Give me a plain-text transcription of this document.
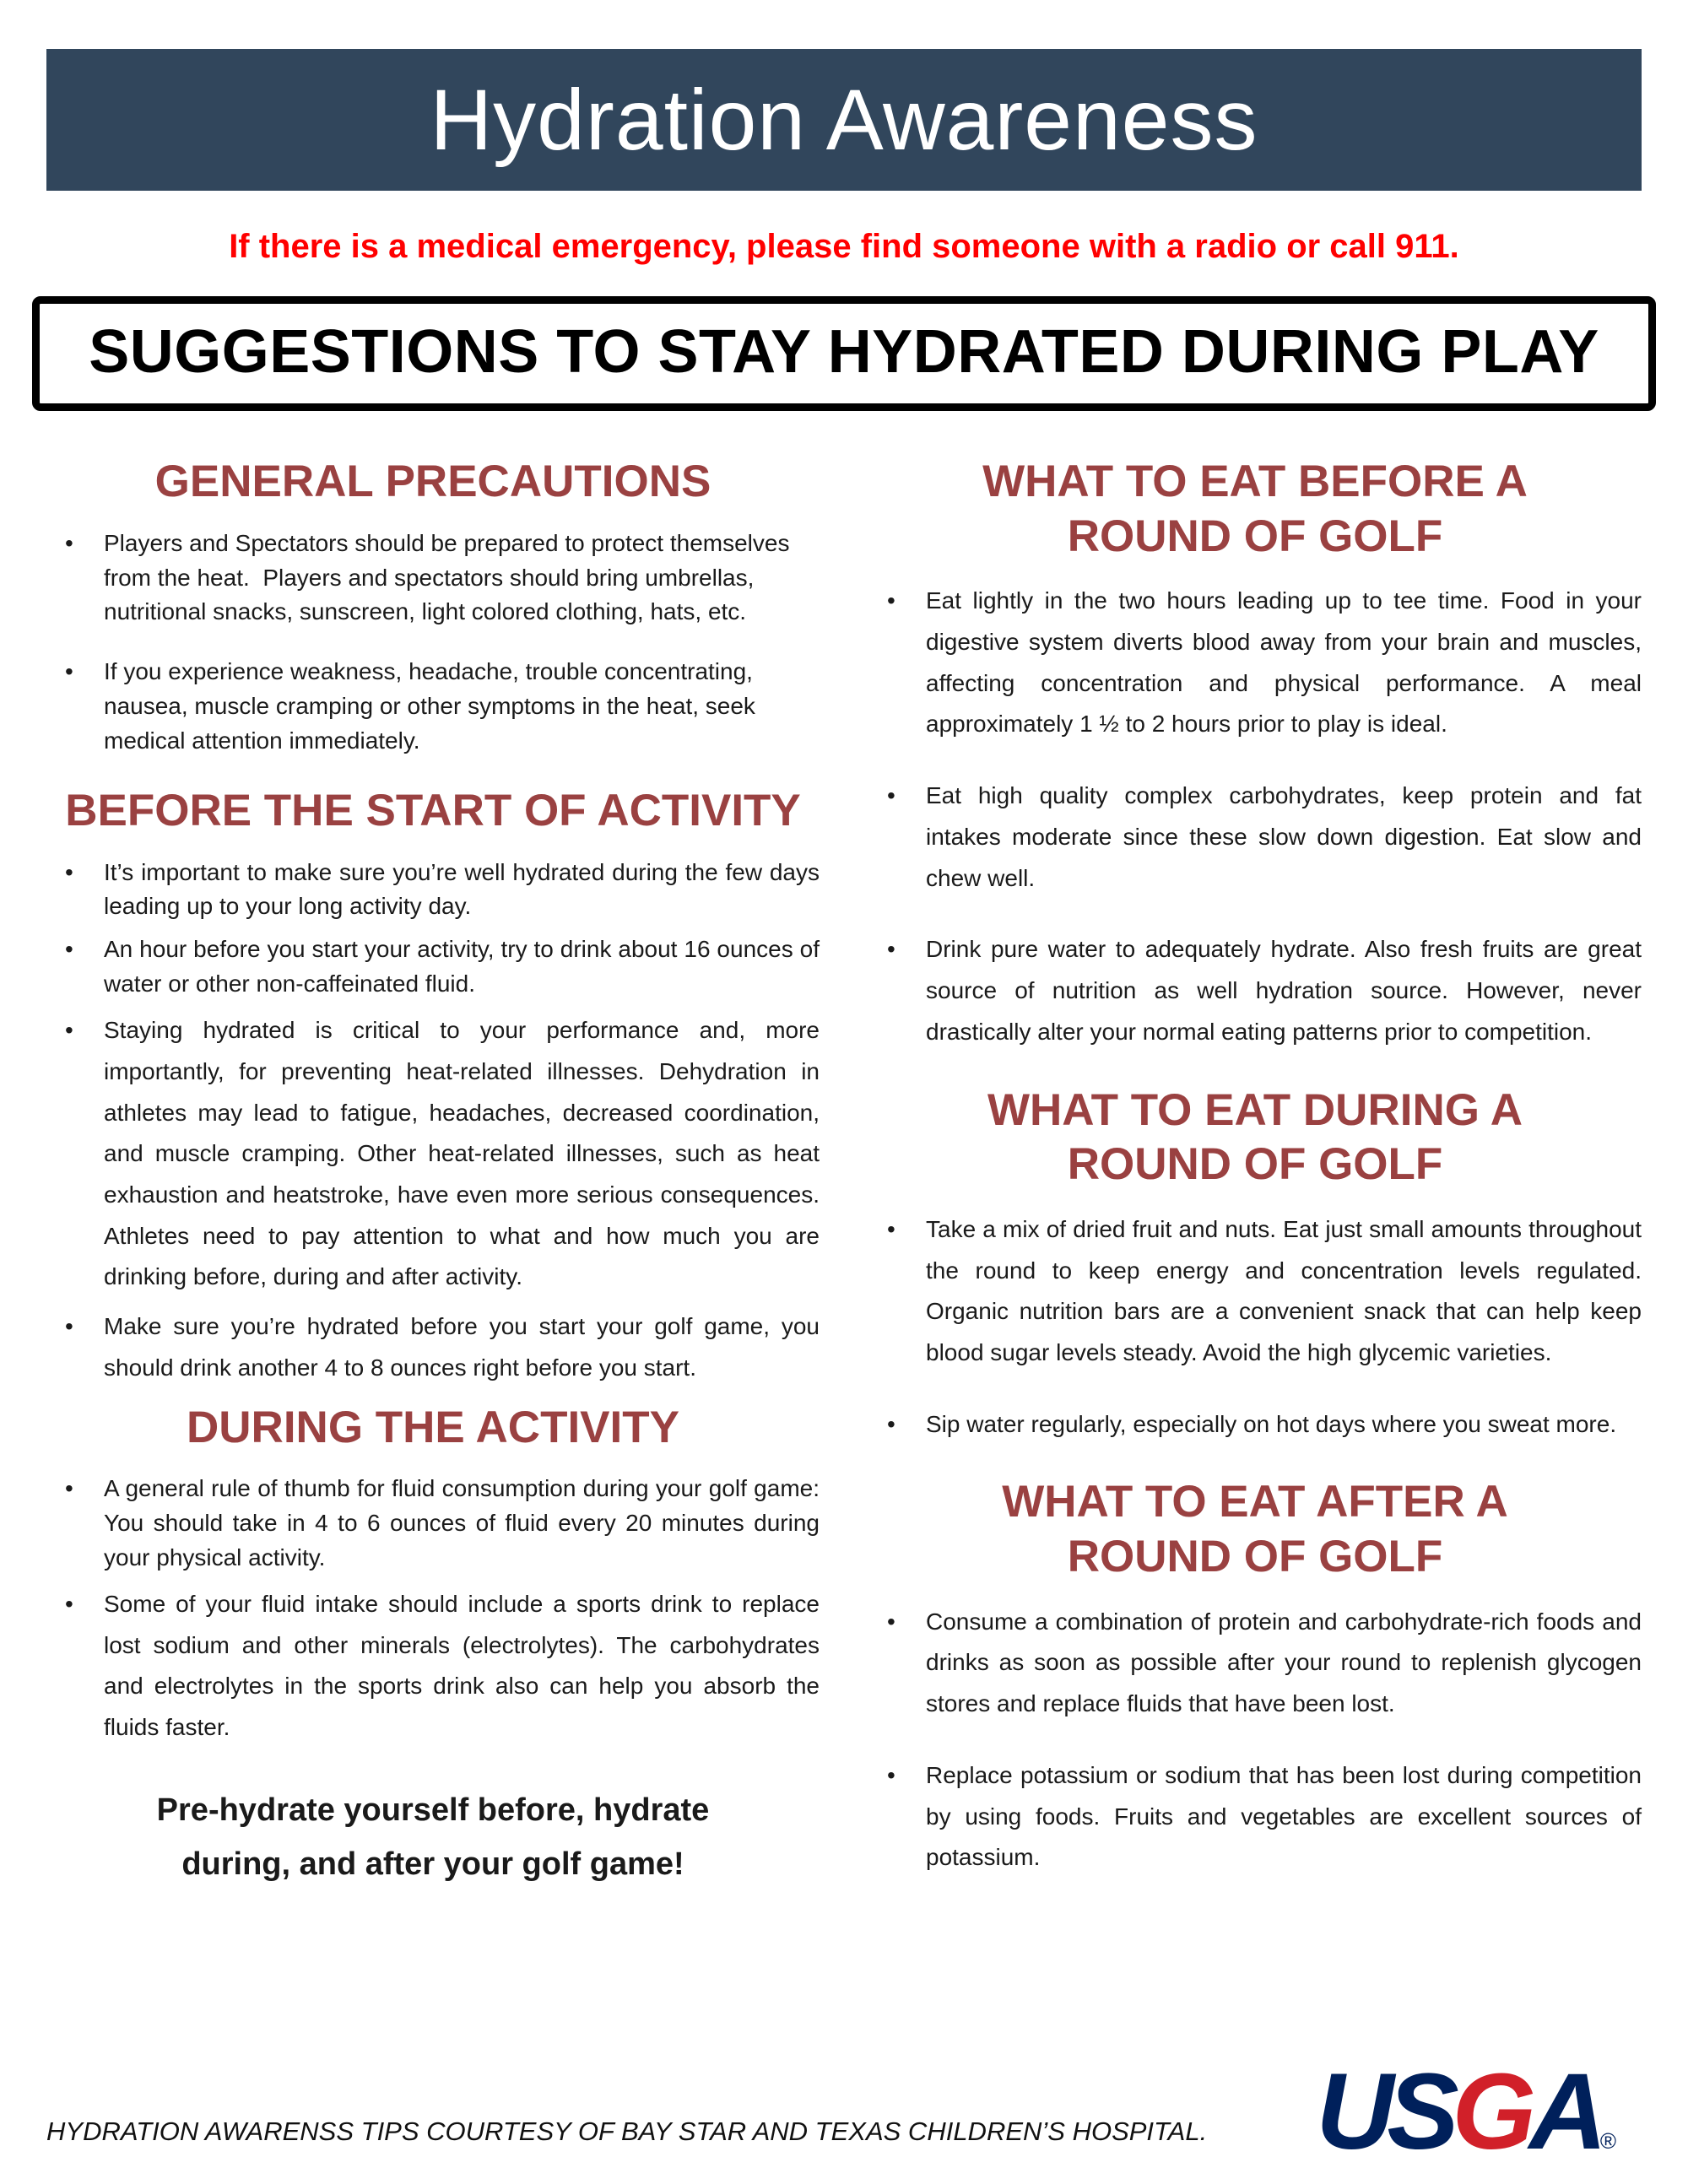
Hydration Awareness

If there is a medical emergency, please find someone with a radio or call 911.

SUGGESTIONS TO STAY HYDRATED DURING PLAY
GENERAL PRECAUTIONS
• Players and Spectators should be prepared to protect themselves from the heat.  Players and spectators should bring umbrellas, nutritional snacks, sunscreen, light colored clothing, hats, etc.
• If you experience weakness, headache, trouble concentrating, nausea, muscle cramping or other symptoms in the heat, seek medical attention immediately.
BEFORE THE START OF ACTIVITY
• It’s important to make sure you’re well hydrated during the few days leading up to your long activity day.
• An hour before you start your activity, try to drink about 16 ounces of water or other non-caffeinated fluid.
• Staying hydrated is critical to your performance and, more importantly, for preventing heat-related illnesses. Dehydration in athletes may lead to fatigue, headaches, decreased coordination, and muscle cramping. Other heat-related illnesses, such as heat exhaustion and heatstroke, have even more serious consequences. Athletes need to pay attention to what and how much you are drinking before, during and after activity.
• Make sure you’re hydrated before you start your golf game, you should drink another 4 to 8 ounces right before you start.
DURING THE ACTIVITY
• A general rule of thumb for fluid consumption during your golf game: You should take in 4 to 6 ounces of fluid every 20 minutes during your physical activity.
• Some of your fluid intake should include a sports drink to replace lost sodium and other minerals (electrolytes). The carbohydrates and electrolytes in the sports drink also can help you absorb the fluids faster.

Pre-hydrate yourself before, hydrate during, and after your golf game!

WHAT TO EAT BEFORE A ROUND OF GOLF
• Eat lightly in the two hours leading up to tee time. Food in your digestive system diverts blood away from your brain and muscles, affecting concentration and physical performance. A meal approximately 1 ½ to 2 hours prior to play is ideal.
• Eat high quality complex carbohydrates, keep protein and fat intakes moderate since these slow down digestion. Eat slow and chew well.
• Drink pure water to adequately hydrate. Also fresh fruits are great source of nutrition as well hydration source. However, never drastically alter your normal eating patterns prior to competition.
WHAT TO EAT DURING A ROUND OF GOLF
• Take a mix of dried fruit and nuts. Eat just small amounts throughout the round to keep energy and concentration levels regulated. Organic nutrition bars are a convenient snack that can help keep blood sugar levels steady. Avoid the high glycemic varieties.
• Sip water regularly, especially on hot days where you sweat more.
WHAT TO EAT AFTER A ROUND OF GOLF
• Consume a combination of protein and carbohydrate-rich foods and drinks as soon as possible after your round to replenish glycogen stores and replace fluids that have been lost.
• Replace potassium or sodium that has been lost during competition by using foods. Fruits and vegetables are excellent sources of potassium.

HYDRATION AWARENSS TIPS COURTESY OF BAY STAR AND TEXAS CHILDREN’S HOSPITAL. USGA®
